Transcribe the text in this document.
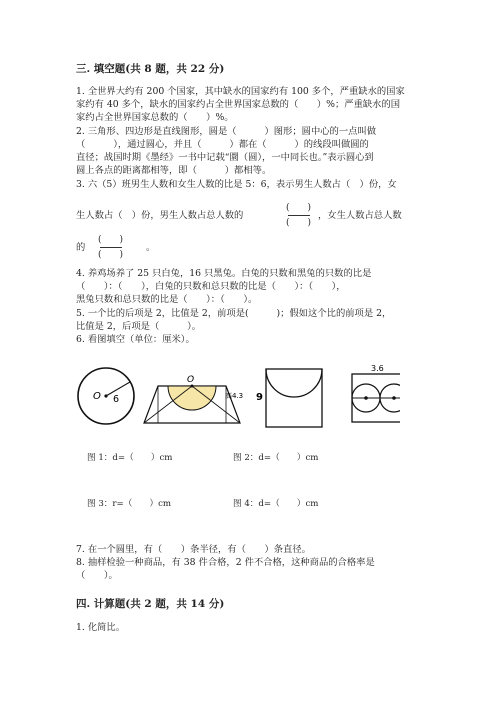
三. 填空题(共 8 题，共 22 分)
1. 全世界大约有 200 个国家，其中缺水的国家约有 100 多个，严重缺水的国家
家约有 40 多个，缺水的国家约占全世界国家总数的（　　）%；严重缺水的国
家约占全世界国家总数的（　　）%。
2. 三角形、四边形是直线图形，圆是（　　　）图形；圆中心的一点叫做
（　　　），通过圆心，并且（　　　）都在（　　　）的线段叫做圆的
直径；战国时期《墨经》一书中记载“圜（圆），一中同长也。”表示圆心到
圆上各点的距离都相等，即（　　　）都相等。
3. 六（5）班男生人数和女生人数的比是 5：6，表示男生人数占（　）份，女
生人数占（　）份，男生人数占总人数的
(　　)
(　　)
，女生人数占总人数
的
(　　)
(　　)
。
4. 养鸡场养了 25 只白兔，16 只黑兔。白兔的只数和黑兔的只数的比是
（　　）：（　　），白兔的只数和总只数的比是（　　）：（　　），
黑兔只数和总只数的比是（　　）：（　　）。
5. 一个比的后项是 2，比值是 2，前项是(　　　)；假如这个比的前项是 2，
比值是 2，后项是（　　　）。
6. 看图填空（单位：厘米）。
O 6
O
高4.3 9
3.6
图 1：d=（　　）cm	图 2：d=（　　）cm
图 3：r=（　　）cm	图 4：d=（　　）cm
7. 在一个圆里，有（　　）条半径，有（　　）条直径。
8. 抽样检验一种商品，有 38 件合格，2 件不合格，这种商品的合格率是
（　　）。
四. 计算题(共 2 题，共 14 分)
1. 化简比。
